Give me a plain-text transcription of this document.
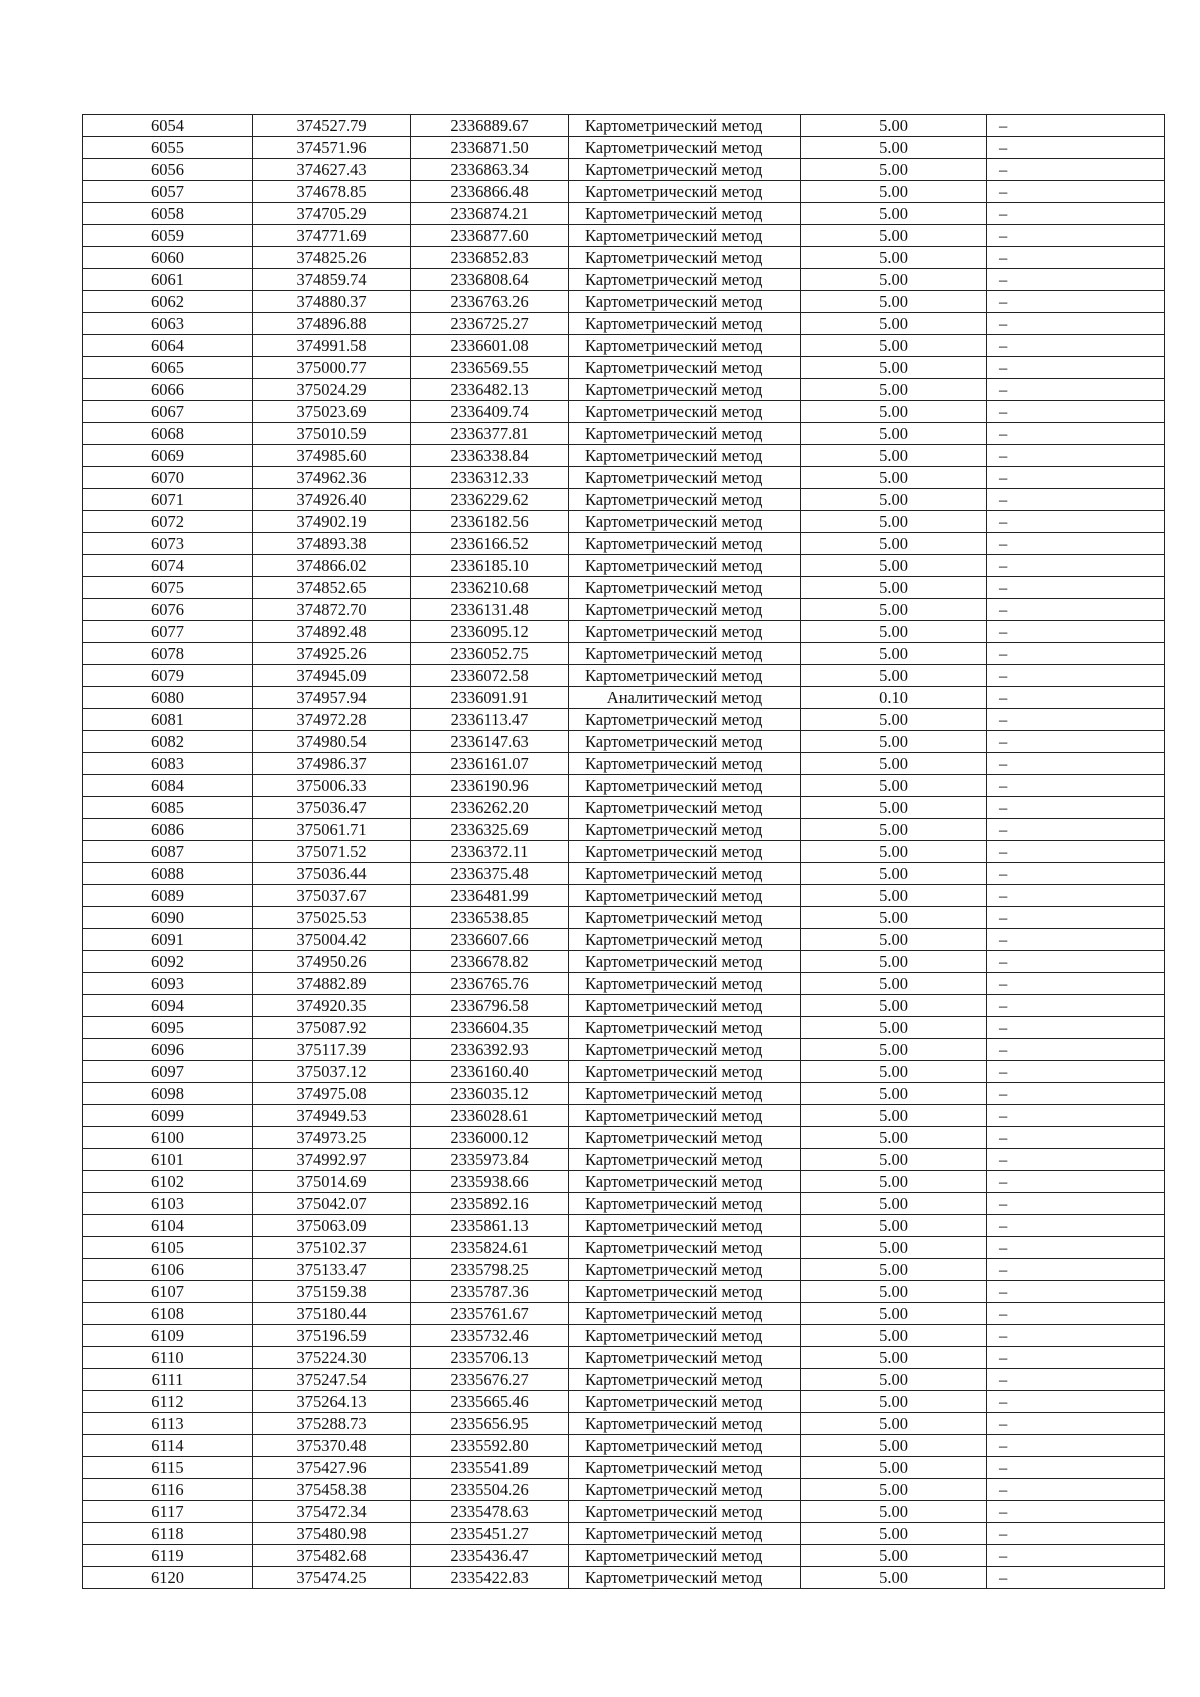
6054	374527.79	2336889.67	Картометрический метод	5.00	–
6055	374571.96	2336871.50	Картометрический метод	5.00	–
6056	374627.43	2336863.34	Картометрический метод	5.00	–
6057	374678.85	2336866.48	Картометрический метод	5.00	–
6058	374705.29	2336874.21	Картометрический метод	5.00	–
6059	374771.69	2336877.60	Картометрический метод	5.00	–
6060	374825.26	2336852.83	Картометрический метод	5.00	–
6061	374859.74	2336808.64	Картометрический метод	5.00	–
6062	374880.37	2336763.26	Картометрический метод	5.00	–
6063	374896.88	2336725.27	Картометрический метод	5.00	–
6064	374991.58	2336601.08	Картометрический метод	5.00	–
6065	375000.77	2336569.55	Картометрический метод	5.00	–
6066	375024.29	2336482.13	Картометрический метод	5.00	–
6067	375023.69	2336409.74	Картометрический метод	5.00	–
6068	375010.59	2336377.81	Картометрический метод	5.00	–
6069	374985.60	2336338.84	Картометрический метод	5.00	–
6070	374962.36	2336312.33	Картометрический метод	5.00	–
6071	374926.40	2336229.62	Картометрический метод	5.00	–
6072	374902.19	2336182.56	Картометрический метод	5.00	–
6073	374893.38	2336166.52	Картометрический метод	5.00	–
6074	374866.02	2336185.10	Картометрический метод	5.00	–
6075	374852.65	2336210.68	Картометрический метод	5.00	–
6076	374872.70	2336131.48	Картометрический метод	5.00	–
6077	374892.48	2336095.12	Картометрический метод	5.00	–
6078	374925.26	2336052.75	Картометрический метод	5.00	–
6079	374945.09	2336072.58	Картометрический метод	5.00	–
6080	374957.94	2336091.91	Аналитический метод	0.10	–
6081	374972.28	2336113.47	Картометрический метод	5.00	–
6082	374980.54	2336147.63	Картометрический метод	5.00	–
6083	374986.37	2336161.07	Картометрический метод	5.00	–
6084	375006.33	2336190.96	Картометрический метод	5.00	–
6085	375036.47	2336262.20	Картометрический метод	5.00	–
6086	375061.71	2336325.69	Картометрический метод	5.00	–
6087	375071.52	2336372.11	Картометрический метод	5.00	–
6088	375036.44	2336375.48	Картометрический метод	5.00	–
6089	375037.67	2336481.99	Картометрический метод	5.00	–
6090	375025.53	2336538.85	Картометрический метод	5.00	–
6091	375004.42	2336607.66	Картометрический метод	5.00	–
6092	374950.26	2336678.82	Картометрический метод	5.00	–
6093	374882.89	2336765.76	Картометрический метод	5.00	–
6094	374920.35	2336796.58	Картометрический метод	5.00	–
6095	375087.92	2336604.35	Картометрический метод	5.00	–
6096	375117.39	2336392.93	Картометрический метод	5.00	–
6097	375037.12	2336160.40	Картометрический метод	5.00	–
6098	374975.08	2336035.12	Картометрический метод	5.00	–
6099	374949.53	2336028.61	Картометрический метод	5.00	–
6100	374973.25	2336000.12	Картометрический метод	5.00	–
6101	374992.97	2335973.84	Картометрический метод	5.00	–
6102	375014.69	2335938.66	Картометрический метод	5.00	–
6103	375042.07	2335892.16	Картометрический метод	5.00	–
6104	375063.09	2335861.13	Картометрический метод	5.00	–
6105	375102.37	2335824.61	Картометрический метод	5.00	–
6106	375133.47	2335798.25	Картометрический метод	5.00	–
6107	375159.38	2335787.36	Картометрический метод	5.00	–
6108	375180.44	2335761.67	Картометрический метод	5.00	–
6109	375196.59	2335732.46	Картометрический метод	5.00	–
6110	375224.30	2335706.13	Картометрический метод	5.00	–
6111	375247.54	2335676.27	Картометрический метод	5.00	–
6112	375264.13	2335665.46	Картометрический метод	5.00	–
6113	375288.73	2335656.95	Картометрический метод	5.00	–
6114	375370.48	2335592.80	Картометрический метод	5.00	–
6115	375427.96	2335541.89	Картометрический метод	5.00	–
6116	375458.38	2335504.26	Картометрический метод	5.00	–
6117	375472.34	2335478.63	Картометрический метод	5.00	–
6118	375480.98	2335451.27	Картометрический метод	5.00	–
6119	375482.68	2335436.47	Картометрический метод	5.00	–
6120	375474.25	2335422.83	Картометрический метод	5.00	–
